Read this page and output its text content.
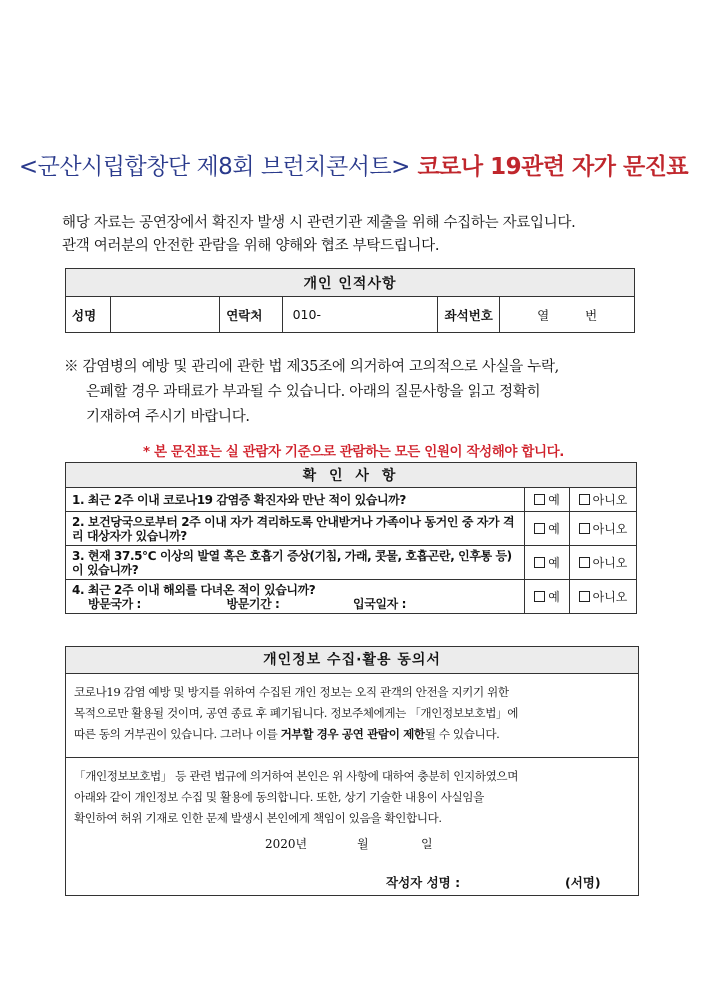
<군산시립합창단 제8회 브런치콘서트> 코로나 19관련 자가 문진표
해당 자료는 공연장에서 확진자 발생 시 관련기관 제출을 위해 수집하는 자료입니다.
관객 여러분의 안전한 관람을 위해 양해와 협조 부탁드립니다.
개인 인적사항
성명		연락처	010-	좌석번호	열	번
※ 감염병의 예방 및 관리에 관한 법 제35조에 의거하여 고의적으로 사실을 누락,
은폐할 경우 과태료가 부과될 수 있습니다. 아래의 질문사항을 읽고 정확히
기재하여 주시기 바랍니다.
* 본 문진표는 실 관람자 기준으로 관람하는 모든 인원이 작성해야 합니다.
확 인 사 항		
1. 최근 2주 이내 코로나19 감염증 확진자와 만난 적이 있습니까?	예	아니오
2. 보건당국으로부터 2주 이내 자가 격리하도록 안내받거나 가족이나 동거인 중 자가 격리 대상자가 있습니까?	예	아니오
3. 현재 37.5℃ 이상의 발열 혹은 호흡기 증상(기침, 가래, 콧물, 호흡곤란, 인후통 등)이 있습니까?	예	아니오

4. 최근 2주 이내 해외를 다녀온 적이 있습니까?
방문국가 : 방문기간 : 입국일자 :	예	아니오
개인정보 수집·활용 동의서
코로나19 감염 예방 및 방지를 위하여 수집된 개인 정보는 오직 관객의 안전을 지키기 위한
목적으로만 활용될 것이며, 공연 종료 후 폐기됩니다. 정보주체에게는 「개인정보보호법」에
따른 동의 거부권이 있습니다. 그러나 이를 거부할 경우 공연 관람이 제한될 수 있습니다.
「개인정보보호법」 등 관련 법규에 의거하여 본인은 위 사항에 대하여 충분히 인지하였으며
아래와 같이 개인정보 수집 및 활용에 동의합니다. 또한, 상기 기술한 내용이 사실임을
확인하여 허위 기재로 인한 문제 발생시 본인에게 책임이 있음을 확인합니다.
2020년	월	일
작성자 성명 :	(서명)
